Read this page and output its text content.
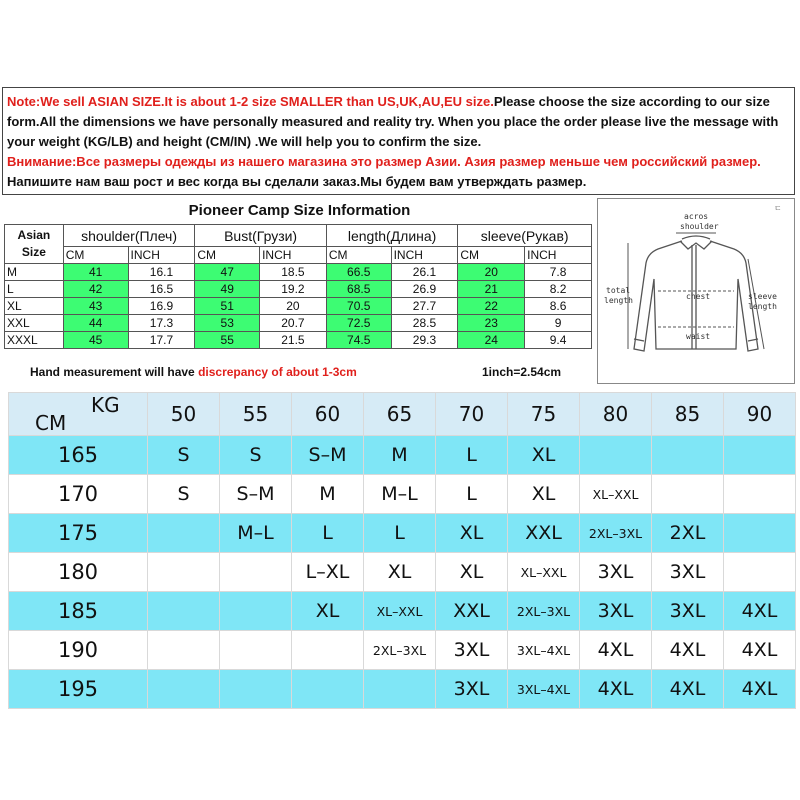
Note:We sell ASIAN SIZE.It is about 1-2 size SMALLER than US,UK,AU,EU size.Please choose the size according to our size form.All the dimensions we have personally measured and reality try. When you place the order please live the message with your weight (KG/LB) and height (CM/IN) .We will help you to confirm the size.
Внимание:Все размеры одежды из нашего магазина это размер Азии. Азия размер меньше чем российский размер. Напишите нам ваш рост и вес когда вы сделали заказ.Мы будем вам утверждать размер.
Pioneer Camp Size Information
Asian Size	shoulder(Плеч)		Bust(Грузи)		length(Длина)		sleeve(Рукав)	
	CM	INCH	CM	INCH	CM	INCH	CM	INCH
M	41	16.1	47	18.5	66.5	26.1	20	7.8
L	42	16.5	49	19.2	68.5	26.9	21	8.2
XL	43	16.9	51	20	70.5	27.7	22	8.6
XXL	44	17.3	53	20.7	72.5	28.5	23	9
XXXL	45	17.7	55	21.5	74.5	29.3	24	9.4
Hand measurement will have discrepancy of about 1-3cm	1inch=2.54cm
acros
shoulder
total
length	chest	sleeve
length
waist
ㄷ
KG
CM	50	55	60	65	70	75	80	85	90
165	S	S	S–M	M	L	XL			
170	S	S–M	M	M–L	L	XL	XL–XXL		
175		M–L	L	L	XL	XXL	2XL–3XL	2XL	
180			L–XL	XL	XL	XL–XXL	3XL	3XL	
185			XL	XL–XXL	XXL	2XL–3XL	3XL	3XL	4XL
190				2XL–3XL	3XL	3XL–4XL	4XL	4XL	4XL
195					3XL	3XL–4XL	4XL	4XL	4XL
